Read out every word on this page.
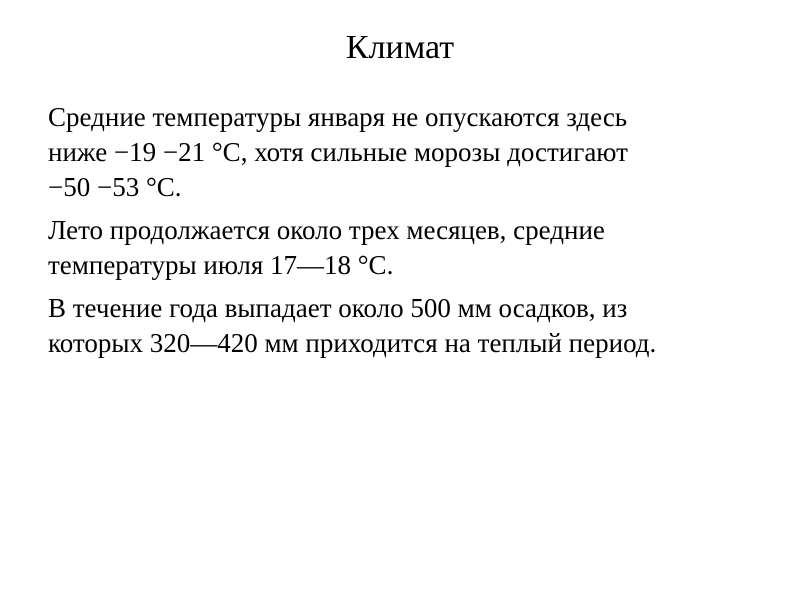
Климат

Средние температуры января не опускаются здесь
ниже −19 −21 °C, хотя сильные морозы достигают
−50 −53 °C.

Лето продолжается около трех месяцев, средние
температуры июля 17—18 °C.

В течение года выпадает около 500 мм осадков, из
которых 320—420 мм приходится на теплый период.
